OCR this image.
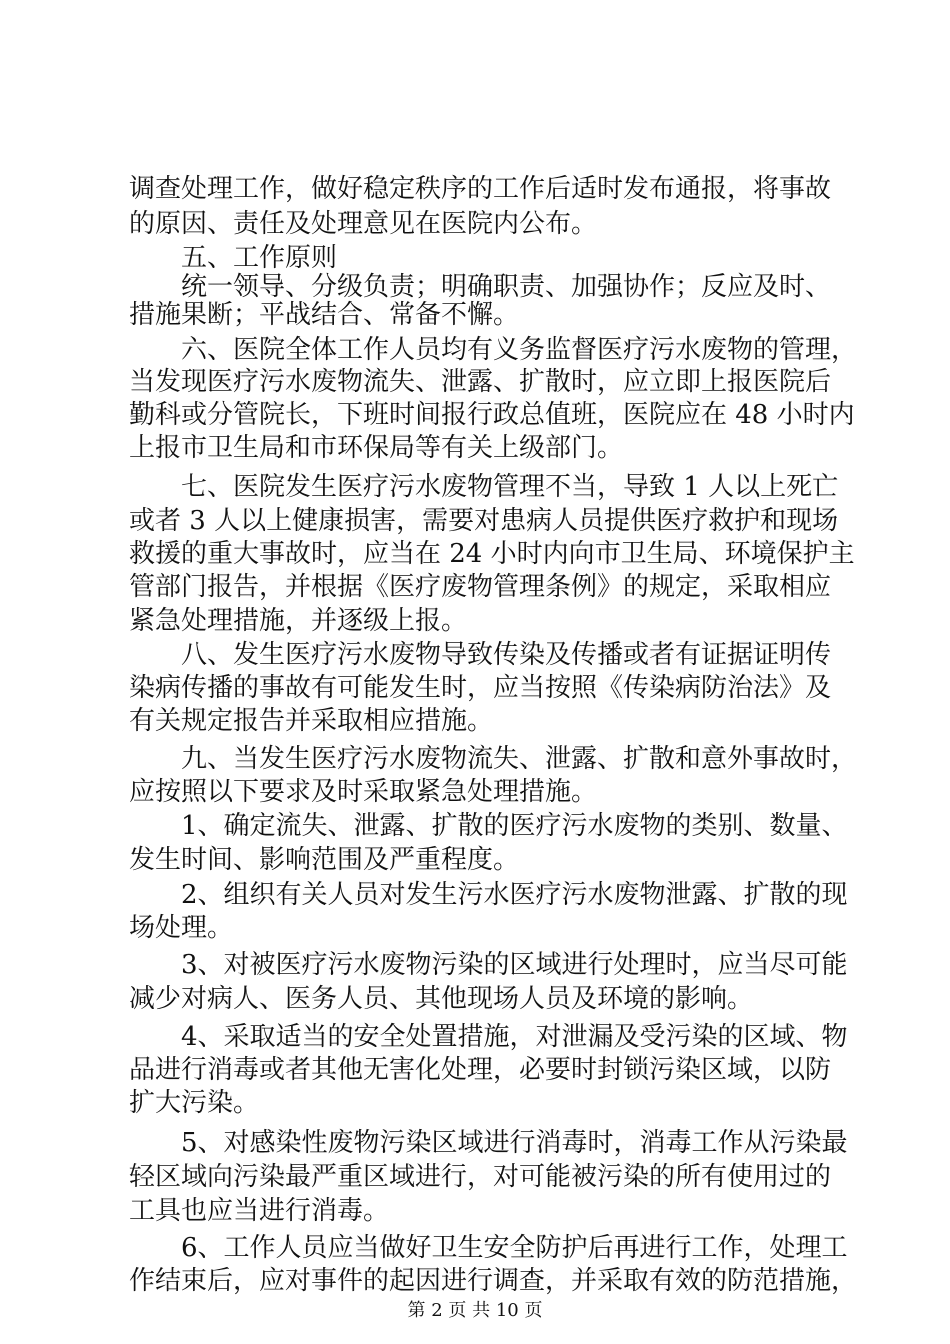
调查处理工作，做好稳定秩序的工作后适时发布通报，将事故
的原因、责任及处理意见在医院内公布。
五、工作原则
统一领导、分级负责；明确职责、加强协作；反应及时、
措施果断；平战结合、常备不懈。
六、医院全体工作人员均有义务监督医疗污水废物的管理，
当发现医疗污水废物流失、泄露、扩散时，应立即上报医院后
勤科或分管院长，下班时间报行政总值班，医院应在 48 小时内
上报市卫生局和市环保局等有关上级部门。
七、医院发生医疗污水废物管理不当，导致 1 人以上死亡
或者 3 人以上健康损害，需要对患病人员提供医疗救护和现场
救援的重大事故时，应当在 24 小时内向市卫生局、环境保护主
管部门报告，并根据《医疗废物管理条例》的规定，采取相应
紧急处理措施，并逐级上报。
八、发生医疗污水废物导致传染及传播或者有证据证明传
染病传播的事故有可能发生时，应当按照《传染病防治法》及
有关规定报告并采取相应措施。
九、当发生医疗污水废物流失、泄露、扩散和意外事故时，
应按照以下要求及时采取紧急处理措施。
1、确定流失、泄露、扩散的医疗污水废物的类别、数量、
发生时间、影响范围及严重程度。
2、组织有关人员对发生污水医疗污水废物泄露、扩散的现
场处理。
3、对被医疗污水废物污染的区域进行处理时，应当尽可能
减少对病人、医务人员、其他现场人员及环境的影响。
4、采取适当的安全处置措施，对泄漏及受污染的区域、物
品进行消毒或者其他无害化处理，必要时封锁污染区域，以防
扩大污染。
5、对感染性废物污染区域进行消毒时，消毒工作从污染最
轻区域向污染最严重区域进行，对可能被污染的所有使用过的
工具也应当进行消毒。
6、工作人员应当做好卫生安全防护后再进行工作，处理工
作结束后，应对事件的起因进行调查，并采取有效的防范措施，
第 2 页 共 10 页
